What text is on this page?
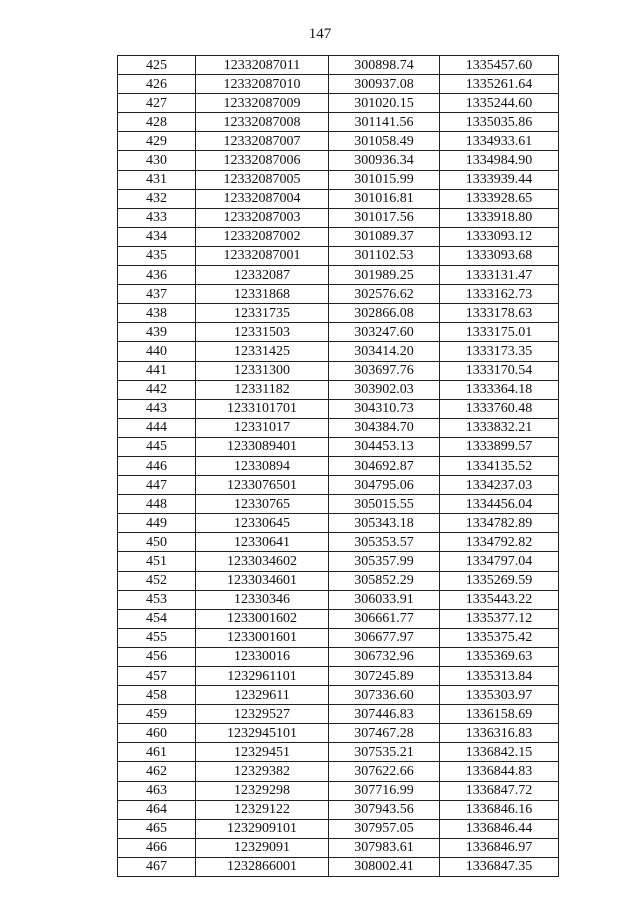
147
425	12332087011	300898.74	1335457.60
426	12332087010	300937.08	1335261.64
427	12332087009	301020.15	1335244.60
428	12332087008	301141.56	1335035.86
429	12332087007	301058.49	1334933.61
430	12332087006	300936.34	1334984.90
431	12332087005	301015.99	1333939.44
432	12332087004	301016.81	1333928.65
433	12332087003	301017.56	1333918.80
434	12332087002	301089.37	1333093.12
435	12332087001	301102.53	1333093.68
436	12332087	301989.25	1333131.47
437	12331868	302576.62	1333162.73
438	12331735	302866.08	1333178.63
439	12331503	303247.60	1333175.01
440	12331425	303414.20	1333173.35
441	12331300	303697.76	1333170.54
442	12331182	303902.03	1333364.18
443	1233101701	304310.73	1333760.48
444	12331017	304384.70	1333832.21
445	1233089401	304453.13	1333899.57
446	12330894	304692.87	1334135.52
447	1233076501	304795.06	1334237.03
448	12330765	305015.55	1334456.04
449	12330645	305343.18	1334782.89
450	12330641	305353.57	1334792.82
451	1233034602	305357.99	1334797.04
452	1233034601	305852.29	1335269.59
453	12330346	306033.91	1335443.22
454	1233001602	306661.77	1335377.12
455	1233001601	306677.97	1335375.42
456	12330016	306732.96	1335369.63
457	1232961101	307245.89	1335313.84
458	12329611	307336.60	1335303.97
459	12329527	307446.83	1336158.69
460	1232945101	307467.28	1336316.83
461	12329451	307535.21	1336842.15
462	12329382	307622.66	1336844.83
463	12329298	307716.99	1336847.72
464	12329122	307943.56	1336846.16
465	1232909101	307957.05	1336846.44
466	12329091	307983.61	1336846.97
467	1232866001	308002.41	1336847.35
